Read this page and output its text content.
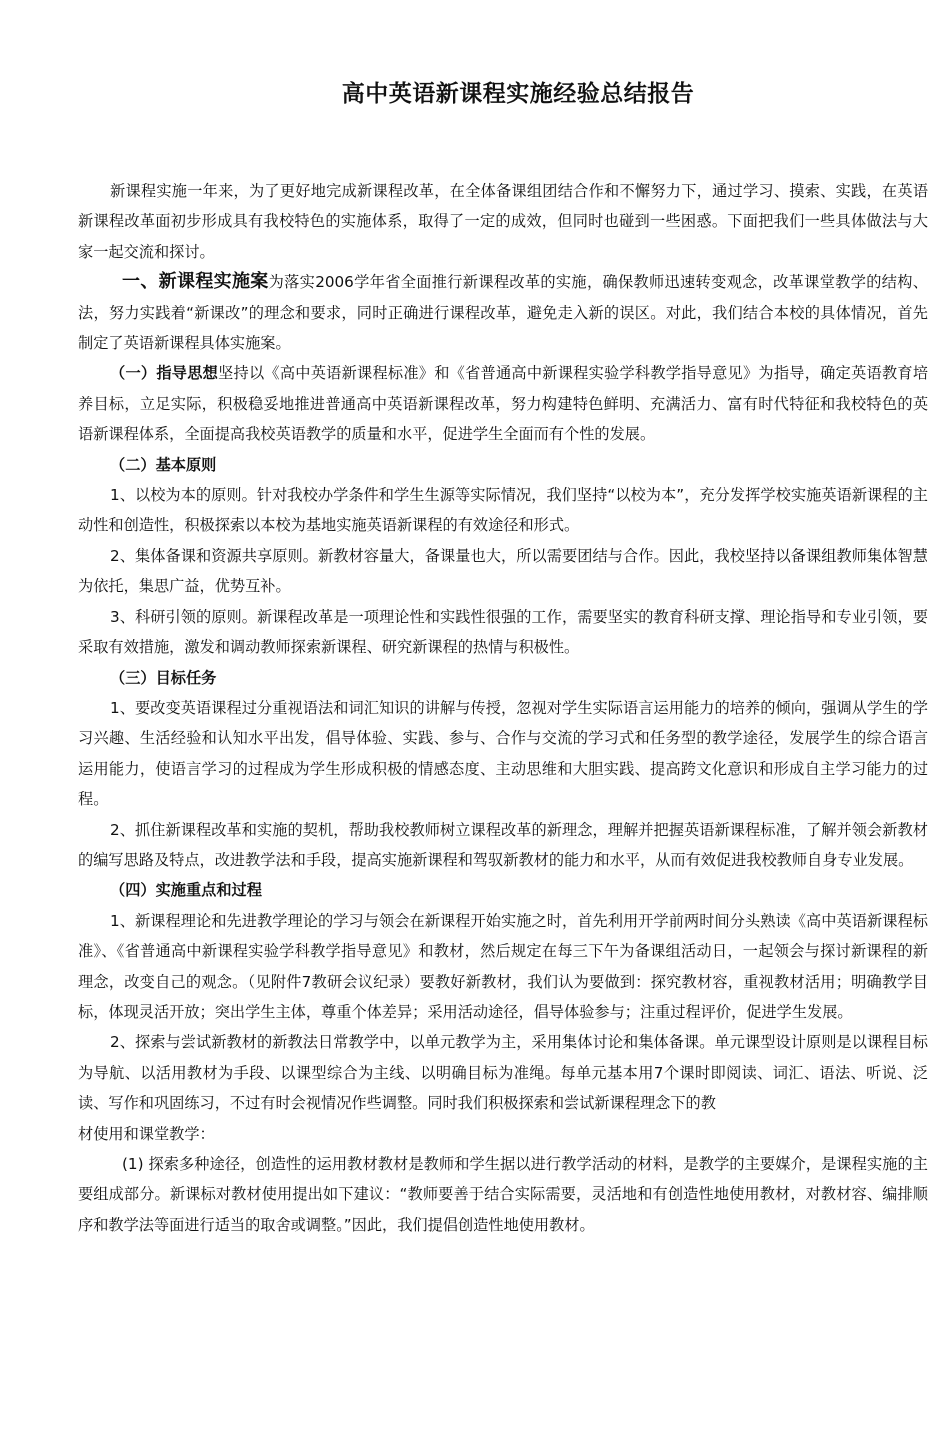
高中英语新课程实施经验总结报告

新课程实施一年来，为了更好地完成新课程改革，在全体备课组团结合作和不懈努力下，通过学习、摸索、实践，在英语新课程改革面初步形成具有我校特色的实施体系，取得了一定的成效，但同时也碰到一些困惑。下面把我们一些具体做法与大家一起交流和探讨。

一、新课程实施案为落实2006学年省全面推行新课程改革的实施，确保教师迅速转变观念，改革课堂教学的结构、法，努力实践着“新课改”的理念和要求，同时正确进行课程改革，避免走入新的误区。对此，我们结合本校的具体情况，首先制定了英语新课程具体实施案。

（一）指导思想坚持以《高中英语新课程标准》和《省普通高中新课程实验学科教学指导意见》为指导，确定英语教育培养目标，立足实际，积极稳妥地推进普通高中英语新课程改革，努力构建特色鲜明、充满活力、富有时代特征和我校特色的英语新课程体系，全面提高我校英语教学的质量和水平，促进学生全面而有个性的发展。

（二）基本原则

1、以校为本的原则。针对我校办学条件和学生生源等实际情况，我们坚持“以校为本”，充分发挥学校实施英语新课程的主动性和创造性，积极探索以本校为基地实施英语新课程的有效途径和形式。

2、集体备课和资源共享原则。新教材容量大，备课量也大，所以需要团结与合作。因此，我校坚持以备课组教师集体智慧为依托，集思广益，优势互补。

3、科研引领的原则。新课程改革是一项理论性和实践性很强的工作，需要坚实的教育科研支撑、理论指导和专业引领，要采取有效措施，激发和调动教师探索新课程、研究新课程的热情与积极性。

（三）目标任务

1、要改变英语课程过分重视语法和词汇知识的讲解与传授，忽视对学生实际语言运用能力的培养的倾向，强调从学生的学习兴趣、生活经验和认知水平出发，倡导体验、实践、参与、合作与交流的学习式和任务型的教学途径，发展学生的综合语言运用能力，使语言学习的过程成为学生形成积极的情感态度、主动思维和大胆实践、提高跨文化意识和形成自主学习能力的过程。

2、抓住新课程改革和实施的契机，帮助我校教师树立课程改革的新理念，理解并把握英语新课程标准，了解并领会新教材的编写思路及特点，改进教学法和手段，提高实施新课程和驾驭新教材的能力和水平，从而有效促进我校教师自身专业发展。

（四）实施重点和过程

1、新课程理论和先进教学理论的学习与领会在新课程开始实施之时，首先利用开学前两时间分头熟读《高中英语新课程标准》、《省普通高中新课程实验学科教学指导意见》和教材，然后规定在每三下午为备课组活动日，一起领会与探讨新课程的新理念，改变自己的观念。（见附件7教研会议纪录）要教好新教材，我们认为要做到：探究教材容，重视教材活用；明确教学目标，体现灵活开放；突出学生主体，尊重个体差异；采用活动途径，倡导体验参与；注重过程评价，促进学生发展。

2、探索与尝试新教材的新教法日常教学中，以单元教学为主，采用集体讨论和集体备课。单元课型设计原则是以课程目标为导航、以活用教材为手段、以课型综合为主线、以明确目标为准绳。每单元基本用7个课时即阅读、词汇、语法、听说、泛读、写作和巩固练习，不过有时会视情况作些调整。同时我们积极探索和尝试新课程理念下的教

材使用和课堂教学：

(1) 探索多种途径，创造性的运用教材教材是教师和学生据以进行教学活动的材料，是教学的主要媒介，是课程实施的主要组成部分。新课标对教材使用提出如下建议：“教师要善于结合实际需要，灵活地和有创造性地使用教材，对教材容、编排顺序和教学法等面进行适当的取舍或调整。”因此，我们提倡创造性地使用教材。
